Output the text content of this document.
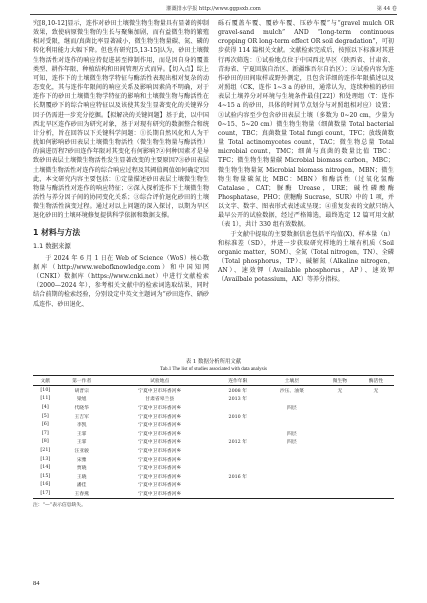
灌溉排水学报 http://www.ggpsxb.com	第 44 卷

究[8,10-12]显示，连作对砂田土壤微生物生物量具有显著的抑制效果，致使病原微生物的生长与聚集加剧，而有益微生物的繁殖相对受限，继而/真菌比率显著减小，微生物生物量碳、氮、磷的转化利用能力大幅下降。但也有研究[5,13-15]认为，砂田土壤微生物活性对连作的响应持促进甚至抑制作用，而是因自身的覆盖类型、耕作年限、种植结构和田间管理方式而异。【切入点】综上可知，连作下的土壤微生物学特征与酶活性表现出相对复杂的动态变化，其与连作年限间的响应关系及影响因素尚不明确，对于连作下的砂田土壤微生物学特征的影响和土壤微生物与酶活性在长期覆砂下的综合响应特征以及该使其发生显著变化的关键界分因子仍需进一步充分挖掘。【拟解决的关键问题】基于此，以中国西北旱区连作砂田为研究对象，基于对现有研究的数据整合和统计分析，旨在回答以下关键科学问题：①长期自然风化和人为干扰如何影响砂田表层土壤微生物活性（微生物生物量与酶活性）的演进历程?砂田连作年限对其变化有何影响?②何种因素才是导致砂田表层土壤微生物活性发生显著改变的主要原因?③砂田表层土壤微生物活性对连作的综合响应过程及其阈值阀值如何确定?因此，本文研究内容主要包括：①定量描述砂田表层土壤微生物生物量与酶活性对连作的响应特征；②深入探析连作下土壤微生物活性与养分因子间的协同变化关系；③综合评价退化砂田的土壤微生物活性演变过程。通过对以上问题的深入探讨，以期为旱区退化砂田的土壤环境修复提供科学依据和数据支撑。

1 材料与方法
1.1 数据来源

于 2024 年 6 月 1 日在 Web of Science（WoS）核心数据库（http://www.webofknowledge.com）和中国知网（CNKI）数据库（https://www.cnki.net）中进行文献检索（2000—2024 年），参考相关文献中的检索词选取结果，同时结合前期的检索经验，分别设定中英文主题词为“砂田连作、硒砂瓜连作、砂田退化、

砾石覆盖车覆、覆砂车覆、压砂车覆”与“gravel mulch OR gravel-sand mulch” AND “long-term continuous cropping OR long-term effect OR soil degradation”，可初步获得 114 篇相关文献。文献检索完成后，按照以下标准对其进行再次筛选：①试验地点位于中国西北旱区（陕西省、甘肃省、青海省、宁夏回族自治区、新疆维吾尔自治区）；②试验内容为连作砂田的田间取样或野外测定，且包含详细的连作年限描述以及对照组（CK，连作 1~3 a 的砂田，通常认为，连续种植的砂田表层土壤养分对环境与生境条件最佳[22]）和处理组（T：连作 4~15 a 的砂田，具体的时间节点划分与对照组相对应）设置；③试验内容至少包含砂田表层土壤（多数为 0~20 cm，少量为 0~15、5~20 cm）微生物生物量（细菌数量 Total bacterial count，TBC；真菌数量 Total fungi count，TFC；放线菌数量 Total actinomycetes count，TAC；微生物总量 Total microbial count，TMC；细菌与真菌的数量比值 TBC：TFC；微生物生物量碳 Microbial biomass carbon，MBC；微生物生物量氮 Microbial biomass nitrogen，MBN；微生物生物量碳氮比 MBC：MBN）和酶活性（过氧化氢酶 Catalase，CAT；脲酶 Urease，URE；碱性磷酸酶 Phosphatase，PHO；蔗糖酶 Sucrase，SUR）中的 1 项，并以文字、数字、图表形式表述或呈现；④重复发表的文献只纳入最早公开的试验数据，经过严格筛选，最终选定 12 篇可用文献（表 1），共计 330 组有效数据。

于文献中提取的主要数据信息包括平均值(X)、样本量（n）和标准差（SD），并进一步获取研究样地的土壤有机质（Soil organic matter，SOM）、全氮（Total nitrogen，TN）、全磷（Total phosphorus，TP）、碱解氮（Alkaline nitrogen，AN）、速效钾（Available phosphorus，AP）、速效钾（Availbale potassium，AK）等养分指标。

表 1 数据分析所用文献
Tab.1 The list of studies associated with data analysis
文献	第一作者	试验地点	连作年限	土壤层	微生物	酶活性
[10]	胡晋宗	宁夏中卫市环香河乡	2008 年	沙压、油菜	无	无
[11]	梁旭	甘肃省皋兰县	2013 年			
[4]	代晓华	宁夏中卫市环香河乡		四层		
[5]	王吉军	宁夏中卫市环香河乡	2010 年			
[6]	李凯	宁夏中卫市环香河乡				
[7]	王霏	宁夏中卫市环香河乡		四层		
[8]	王霏	宁夏中卫市环香河乡	2012 年	四层		
[21]	汪亚骏	宁夏中卫市环香河乡				
[13]	宋雅	宁夏中卫市环香河乡				
[14]	贾晓	宁夏中卫市环香河乡				
[15]	王晓	宁夏中卫市环香河乡	2016 年			
[16]	潘佳	宁夏中卫市环香河乡				
[17]	王春燕	宁夏中卫市环香河乡				
注：“—”表示信息缺失。
84
